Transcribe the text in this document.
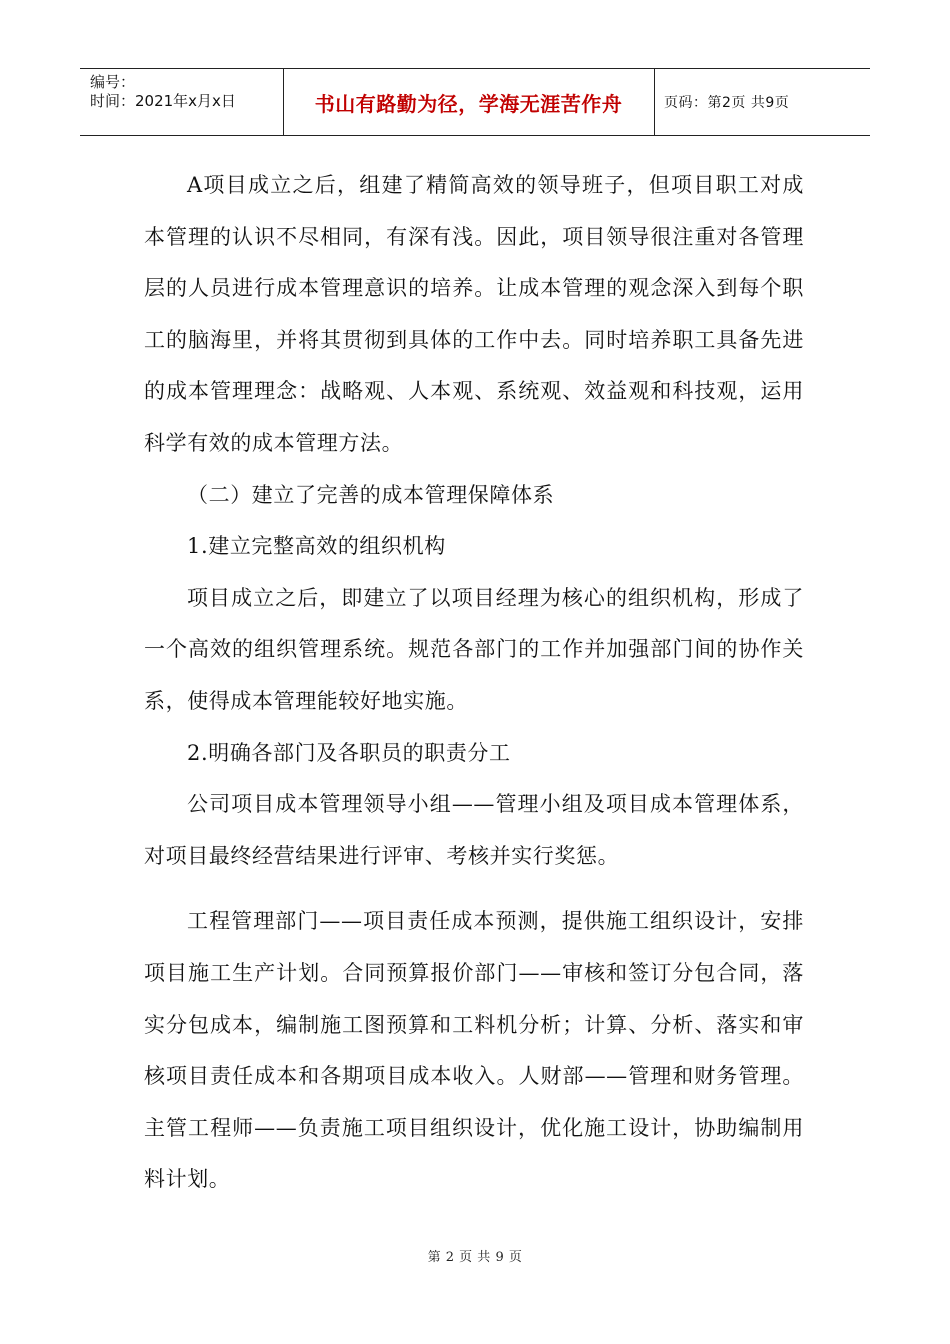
编号：
时间：2021年x月x日	书山有路勤为径，学海无涯苦作舟	页码：第2页 共9页

A项目成立之后，组建了精简高效的领导班子，但项目职工对成本管理的认识不尽相同，有深有浅。因此，项目领导很注重对各管理层的人员进行成本管理意识的培养。让成本管理的观念深入到每个职工的脑海里，并将其贯彻到具体的工作中去。同时培养职工具备先进的成本管理理念：战略观、人本观、系统观、效益观和科技观，运用科学有效的成本管理方法。

（二）建立了完善的成本管理保障体系

1.建立完整高效的组织机构

项目成立之后，即建立了以项目经理为核心的组织机构，形成了一个高效的组织管理系统。规范各部门的工作并加强部门间的协作关系，使得成本管理能较好地实施。

2.明确各部门及各职员的职责分工

公司项目成本管理领导小组——管理小组及项目成本管理体系，对项目最终经营结果进行评审、考核并实行奖惩。

工程管理部门——项目责任成本预测，提供施工组织设计，安排项目施工生产计划。合同预算报价部门——审核和签订分包合同，落实分包成本，编制施工图预算和工料机分析；计算、分析、落实和审核项目责任成本和各期项目成本收入。人财部——管理和财务管理。主管工程师——负责施工项目组织设计，优化施工设计，协助编制用料计划。

第 2 页 共 9 页
